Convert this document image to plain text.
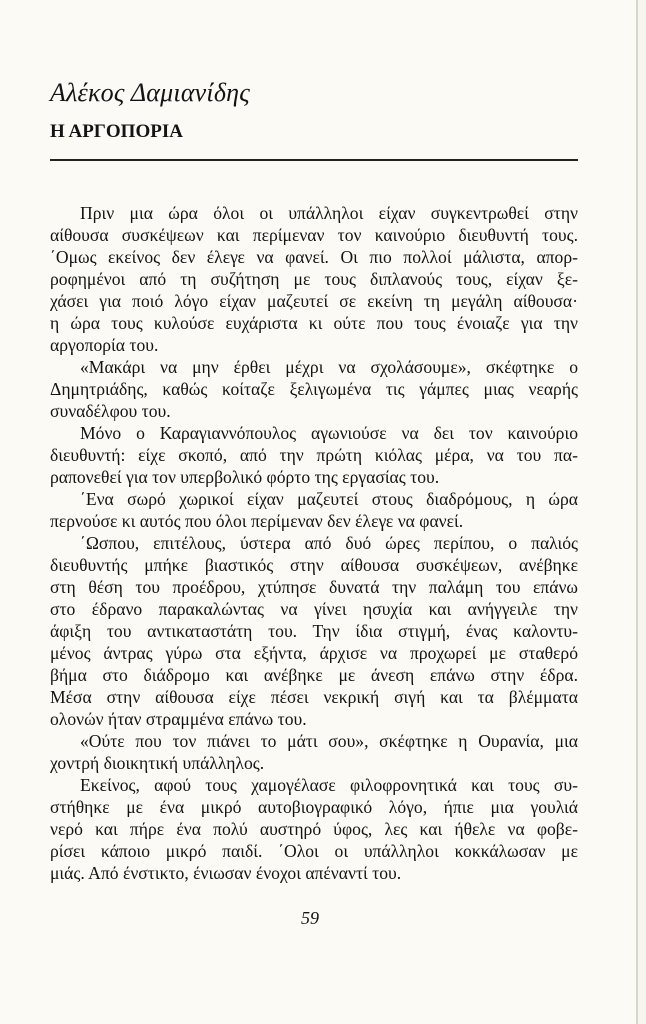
Αλέκος Δαμιανίδης
Η ΑΡΓΟΠΟΡΙΑ
Πριν μια ώρα όλοι οι υπάλληλοι είχαν συγκεντρωθεί στην
αίθουσα συσκέψεων και περίμεναν τον καινούριο διευθυντή τους.
΄Ομως εκείνος δεν έλεγε να φανεί. Οι πιο πολλοί μάλιστα, απορ-
ροφημένοι από τη συζήτηση με τους διπλανούς τους, είχαν ξε-
χάσει για ποιό λόγο είχαν μαζευτεί σε εκείνη τη μεγάλη αίθουσα·
η ώρα τους κυλούσε ευχάριστα κι ούτε που τους ένοιαζε για την
αργοπορία του.
«Μακάρι να μην έρθει μέχρι να σχολάσουμε», σκέφτηκε ο
Δημητριάδης, καθώς κοίταζε ξελιγωμένα τις γάμπες μιας νεαρής
συναδέλφου του.
Μόνο ο Καραγιαννόπουλος αγωνιούσε να δει τον καινούριο
διευθυντή: είχε σκοπό, από την πρώτη κιόλας μέρα, να του πα-
ραπονεθεί για τον υπερβολικό φόρτο της εργασίας του.
΄Ενα σωρό χωρικοί είχαν μαζευτεί στους διαδρόμους, η ώρα
περνούσε κι αυτός που όλοι περίμεναν δεν έλεγε να φανεί.
΄Ωσπου, επιτέλους, ύστερα από δυό ώρες περίπου, ο παλιός
διευθυντής μπήκε βιαστικός στην αίθουσα συσκέψεων, ανέβηκε
στη θέση του προέδρου, χτύπησε δυνατά την παλάμη του επάνω
στο έδρανο παρακαλώντας να γίνει ησυχία και ανήγγειλε την
άφιξη του αντικαταστάτη του. Την ίδια στιγμή, ένας καλοντυ-
μένος άντρας γύρω στα εξήντα, άρχισε να προχωρεί με σταθερό
βήμα στο διάδρομο και ανέβηκε με άνεση επάνω στην έδρα.
Μέσα στην αίθουσα είχε πέσει νεκρική σιγή και τα βλέμματα
ολονών ήταν στραμμένα επάνω του.
«Ούτε που τον πιάνει το μάτι σου», σκέφτηκε η Ουρανία, μια
χοντρή διοικητική υπάλληλος.
Εκείνος, αφού τους χαμογέλασε φιλοφρονητικά και τους συ-
στήθηκε με ένα μικρό αυτοβιογραφικό λόγο, ήπιε μια γουλιά
νερό και πήρε ένα πολύ αυστηρό ύφος, λες και ήθελε να φοβε-
ρίσει κάποιο μικρό παιδί. ΄Ολοι οι υπάλληλοι κοκκάλωσαν με
μιάς. Από ένστικτο, ένιωσαν ένοχοι απέναντί του.
59
